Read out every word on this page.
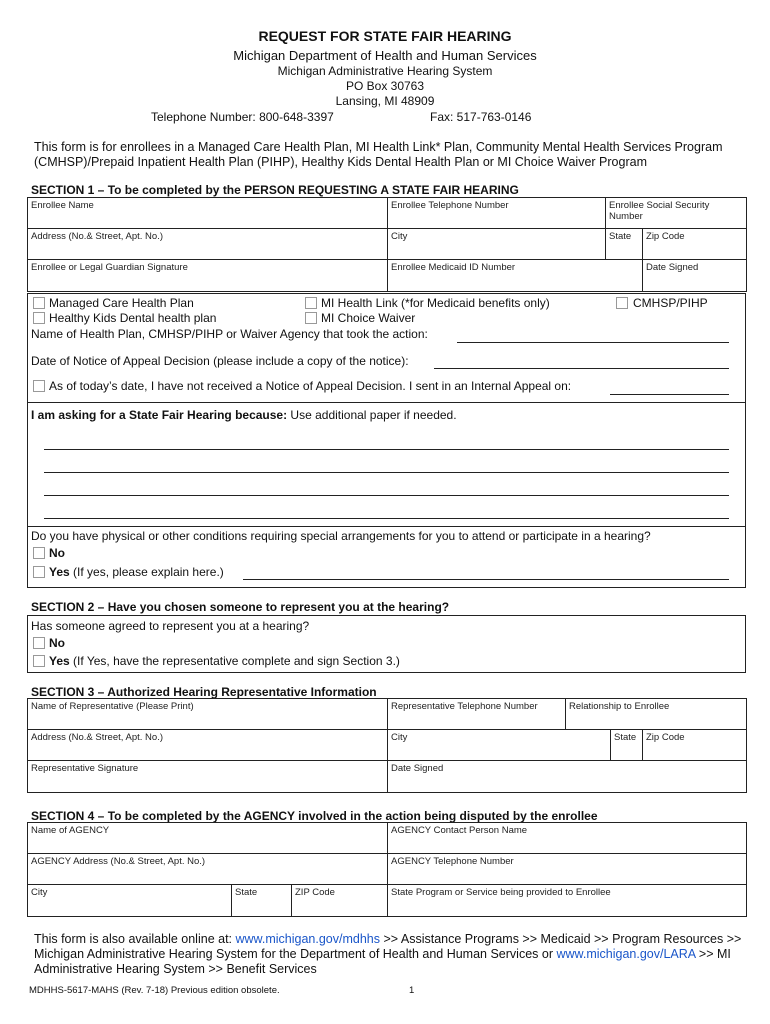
REQUEST FOR STATE FAIR HEARING
Michigan Department of Health and Human Services
Michigan Administrative Hearing System
PO Box 30763
Lansing, MI 48909
Telephone Number: 800-648-3397	Fax: 517-763-0146
This form is for enrollees in a Managed Care Health Plan, MI Health Link* Plan, Community Mental Health Services Program (CMHSP)/Prepaid Inpatient Health Plan (PIHP), Healthy Kids Dental Health Plan or MI Choice Waiver Program
SECTION 1 – To be completed by the PERSON REQUESTING A STATE FAIR HEARING
Enrollee Name	Enrollee Telephone Number	Enrollee Social Security Number	
Address (No.& Street, Apt. No.)	City	State	Zip Code
Enrollee or Legal Guardian Signature	Enrollee Medicaid ID Number		Date Signed
Managed Care Health Plan	MI Health Link (*for Medicaid benefits only)	CMHSP/PIHP
Healthy Kids Dental health plan	MI Choice Waiver
Name of Health Plan, CMHSP/PIHP or Waiver Agency that took the action:
Date of Notice of Appeal Decision (please include a copy of the notice):
As of today’s date, I have not received a Notice of Appeal Decision. I sent in an Internal Appeal on:
I am asking for a State Fair Hearing because: Use additional paper if needed.
Do you have physical or other conditions requiring special arrangements for you to attend or participate in a hearing?
No
Yes (If yes, please explain here.)
SECTION 2 – Have you chosen someone to represent you at the hearing?
Has someone agreed to represent you at a hearing?
No
Yes (If Yes, have the representative complete and sign Section 3.)
SECTION 3 – Authorized Hearing Representative Information
Name of Representative (Please Print)	Representative Telephone Number	Relationship to Enrollee		
Address (No.& Street, Apt. No.)	City		State	Zip Code
Representative Signature	Date Signed			
SECTION 4 – To be completed by the AGENCY involved in the action being disputed by the enrollee
Name of AGENCY			AGENCY Contact Person Name
AGENCY Address (No.& Street, Apt. No.)			AGENCY Telephone Number
City	State	ZIP Code	State Program or Service being provided to Enrollee
This form is also available online at: www.michigan.gov/mdhhs >> Assistance Programs >> Medicaid >> Program Resources >> Michigan Administrative Hearing System for the Department of Health and Human Services or www.michigan.gov/LARA >> MI Administrative Hearing System >> Benefit Services
MDHHS-5617-MAHS (Rev. 7-18) Previous edition obsolete.	1
